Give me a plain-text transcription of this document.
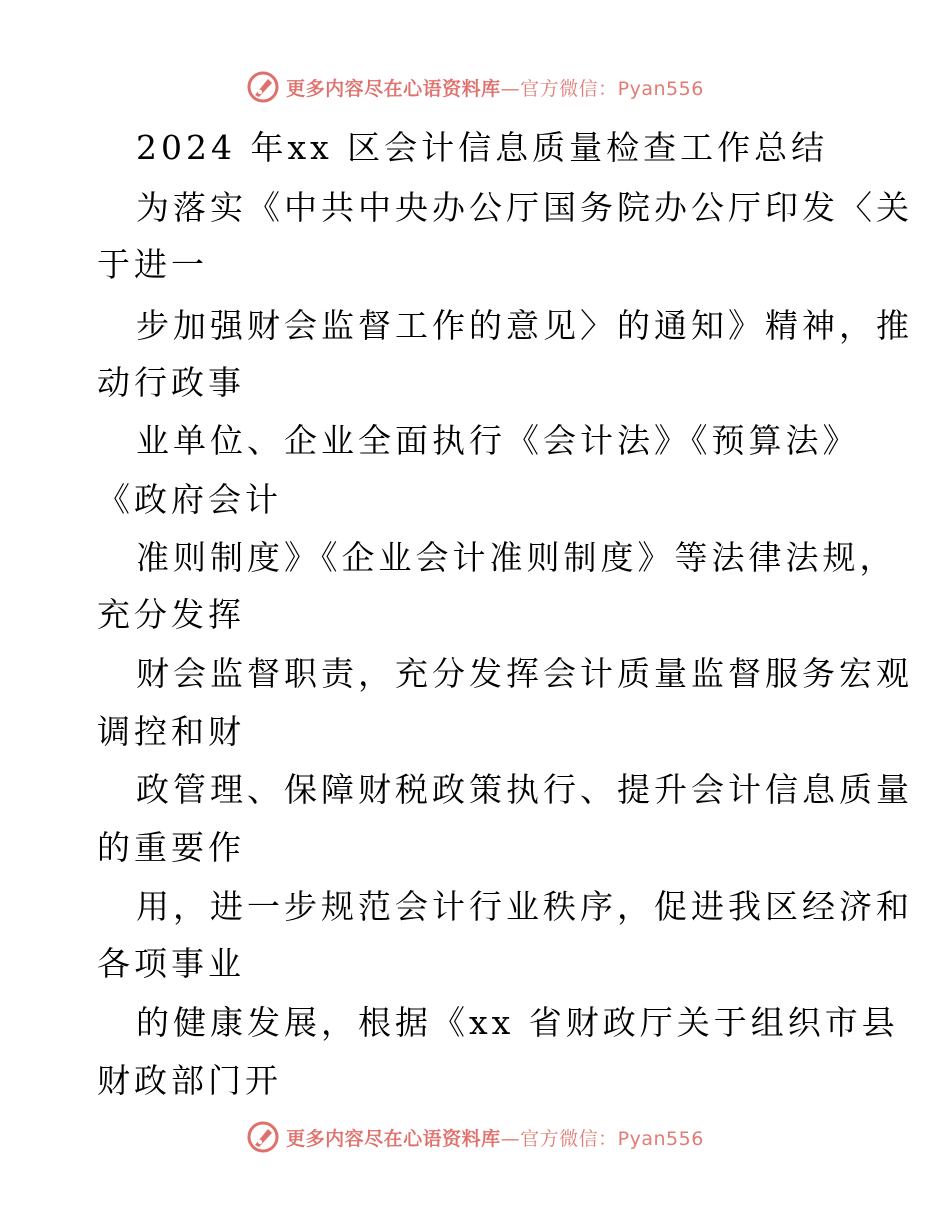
更多内容尽在心语资料库—官方微信：Pyan556
2024 年xx 区会计信息质量检查工作总结
为落实《中共中央办公厅国务院办公厅印发〈关
于进一
步加强财会监督工作的意见〉的通知》精神，推
动行政事
业单位、企业全面执行《会计法》《预算法》
《政府会计
准则制度》《企业会计准则制度》等法律法规，
充分发挥
财会监督职责，充分发挥会计质量监督服务宏观
调控和财
政管理、保障财税政策执行、提升会计信息质量
的重要作
用，进一步规范会计行业秩序，促进我区经济和
各项事业
的健康发展，根据《xx 省财政厅关于组织市县
财政部门开
更多内容尽在心语资料库—官方微信：Pyan556
